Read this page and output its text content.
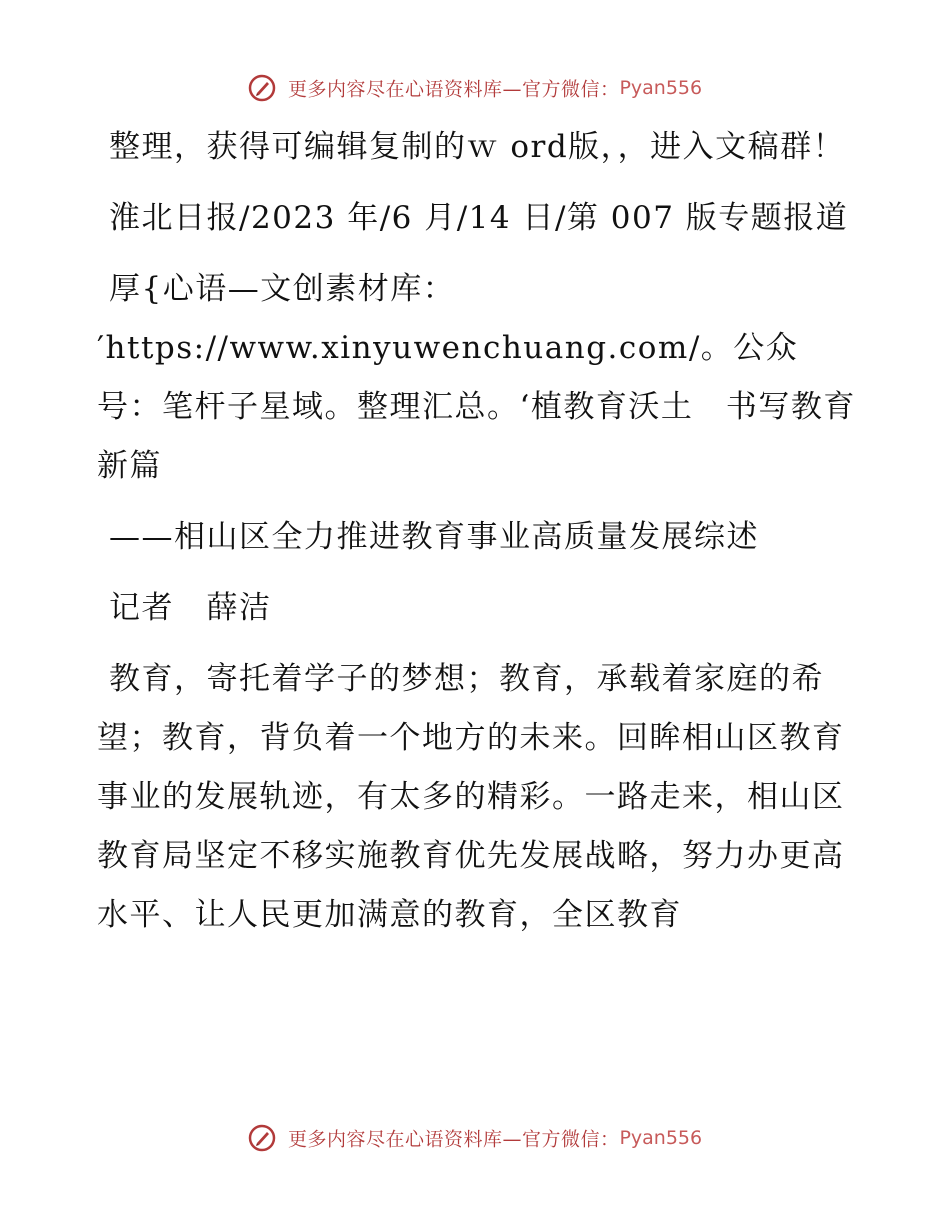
更多内容尽在心语资料库—官方微信：Pyan556

整理，获得可编辑复制的ｗ ord版，，进入文稿群！

淮北日报/2023 年/6 月/14 日/第 007 版专题报道

厚{心语—文创素材库：′https://www.xinyuwenchuang.com/。公众号：笔杆子星域。整理汇总。‘植教育沃土　书写教育新篇

——相山区全力推进教育事业高质量发展综述

记者　薛洁

教育，寄托着学子的梦想；教育，承载着家庭的希望；教育，背负着一个地方的未来。回眸相山区教育事业的发展轨迹，有太多的精彩。一路走来，相山区教育局坚定不移实施教育优先发展战略，努力办更高水平、让人民更加满意的教育，全区教育

更多内容尽在心语资料库—官方微信：Pyan556
